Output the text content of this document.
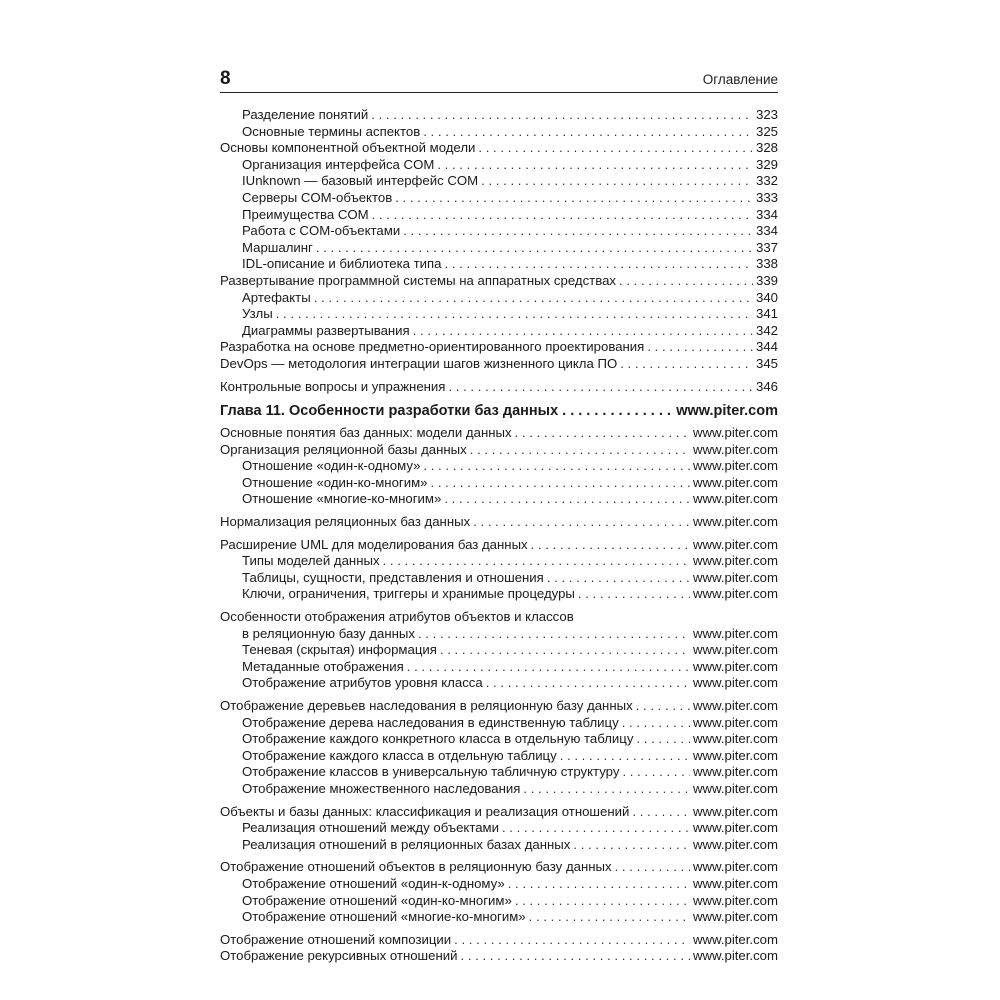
8	Оглавление
Разделение понятий . . .	323
Основные термины аспектов . . .	325
Основы компонентной объектной модели . . .	328
Организация интерфейса COM . . .	329
IUnknown — базовый интерфейс COM . . .	332
Серверы COM-объектов . . .	333
Преимущества COM . . .	334
Работа с COM-объектами . . .	334
Маршалинг . . .	337
IDL-описание и библиотека типа . . .	338
Развертывание программной системы на аппаратных средствах . . .	339
Артефакты . . .	340
Узлы . . .	341
Диаграммы развертывания . . .	342
Разработка на основе предметно-ориентированного проектирования . . .	344
DevOps — методология интеграции шагов жизненного цикла ПО . . .	345
Контрольные вопросы и упражнения . . .	346
Глава 11. Особенности разработки баз данных . . .	www.piter.com
Основные понятия баз данных: модели данных . . .	www.piter.com
Организация реляционной базы данных . . .	www.piter.com
Отношение «один-к-одному» . . .	www.piter.com
Отношение «один-ко-многим» . . .	www.piter.com
Отношение «многие-ко-многим» . . .	www.piter.com
Нормализация реляционных баз данных . . .	www.piter.com
Расширение UML для моделирования баз данных . . .	www.piter.com
Типы моделей данных . . .	www.piter.com
Таблицы, сущности, представления и отношения . . .	www.piter.com
Ключи, ограничения, триггеры и хранимые процедуры . . .	www.piter.com
Особенности отображения атрибутов объектов и классов
в реляционную базу данных . . .	www.piter.com
Теневая (скрытая) информация . . .	www.piter.com
Метаданные отображения . . .	www.piter.com
Отображение атрибутов уровня класса . . .	www.piter.com
Отображение деревьев наследования в реляционную базу данных . . .	www.piter.com
Отображение дерева наследования в единственную таблицу . . .	www.piter.com
Отображение каждого конкретного класса в отдельную таблицу . . .	www.piter.com
Отображение каждого класса в отдельную таблицу . . .	www.piter.com
Отображение классов в универсальную табличную структуру . . .	www.piter.com
Отображение множественного наследования . . .	www.piter.com
Объекты и базы данных: классификация и реализация отношений . . .	www.piter.com
Реализация отношений между объектами . . .	www.piter.com
Реализация отношений в реляционных базах данных . . .	www.piter.com
Отображение отношений объектов в реляционную базу данных . . .	www.piter.com
Отображение отношений «один-к-одному» . . .	www.piter.com
Отображение отношений «один-ко-многим» . . .	www.piter.com
Отображение отношений «многие-ко-многим» . . .	www.piter.com
Отображение отношений композиции . . .	www.piter.com
Отображение рекурсивных отношений . . .	www.piter.com
